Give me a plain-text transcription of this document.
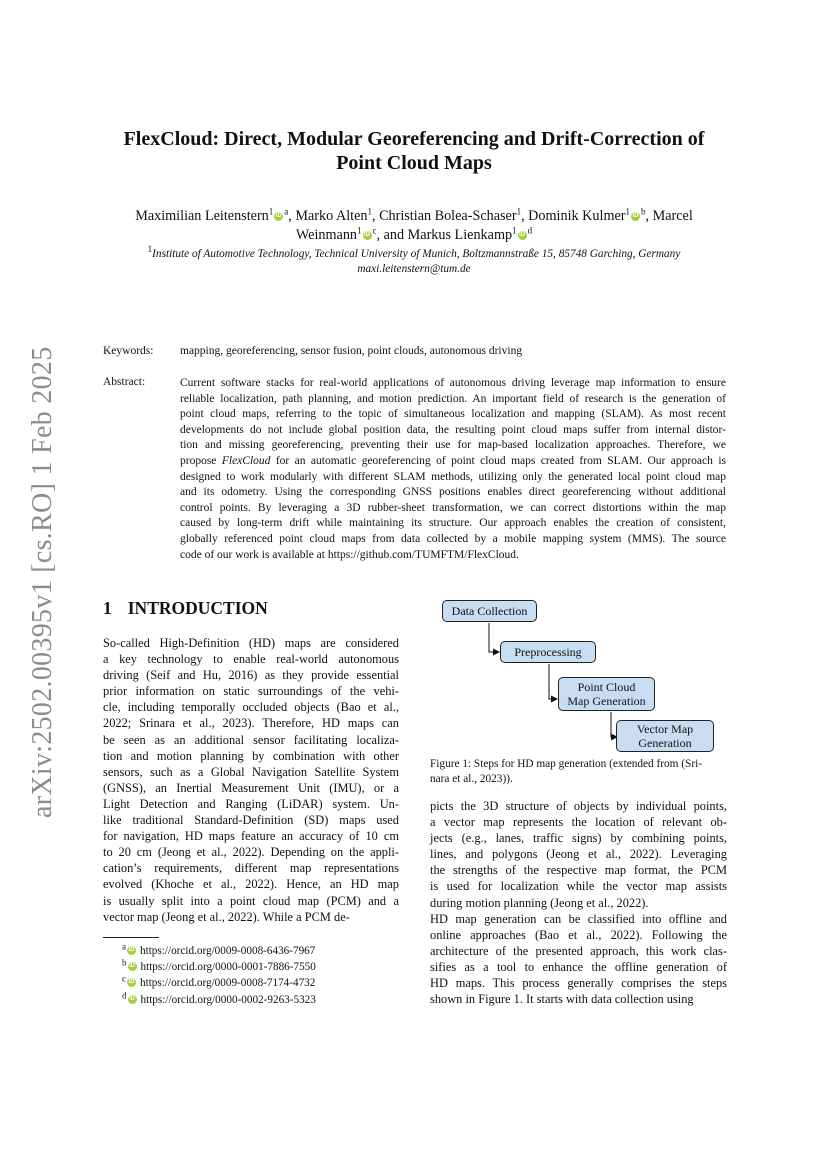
arXiv:2502.00395v1 [cs.RO] 1 Feb 2025
FlexCloud: Direct, Modular Georeferencing and Drift-Correction of
Point Cloud Maps
Maximilian Leitenstern$^1$ iD $^a$, Marko Alten$^1$, Christian Bolea-Schaser$^1$, Dominik Kulmer$^1$ iD $^b$, Marcel
Weinmann$^1$ iD $^c$, and Markus Lienkamp$^1$ iD $^d$
$^1$Institute of Automotive Technology, Technical University of Munich, Boltzmannstraße 15, 85748 Garching, Germany
maxi.leitenstern@tum.de
Keywords: mapping, georeferencing, sensor fusion, point clouds, autonomous driving
Abstract:	Current software stacks for real-world applications of autonomous driving leverage map information to ensure
reliable localization, path planning, and motion prediction. An important field of research is the generation of
point cloud maps, referring to the topic of simultaneous localization and mapping (SLAM). As most recent
developments do not include global position data, the resulting point cloud maps suffer from internal distor-
tion and missing georeferencing, preventing their use for map-based localization approaches. Therefore, we
propose FlexCloud for an automatic georeferencing of point cloud maps created from SLAM. Our approach is
designed to work modularly with different SLAM methods, utilizing only the generated local point cloud map
and its odometry. Using the corresponding GNSS positions enables direct georeferencing without additional
control points. By leveraging a 3D rubber-sheet transformation, we can correct distortions within the map
caused by long-term drift while maintaining its structure. Our approach enables the creation of consistent,
globally referenced point cloud maps from data collected by a mobile mapping system (MMS). The source
code of our work is available at https://github.com/TUMFTM/FlexCloud.
1 INTRODUCTION
So-called High-Definition (HD) maps are considered
a key technology to enable real-world autonomous
driving (Seif and Hu, 2016) as they provide essential
prior information on static surroundings of the vehi-
cle, including temporally occluded objects (Bao et al.,
2022; Srinara et al., 2023). Therefore, HD maps can
be seen as an additional sensor facilitating localiza-
tion and motion planning by combination with other
sensors, such as a Global Navigation Satellite System
(GNSS), an Inertial Measurement Unit (IMU), or a
Light Detection and Ranging (LiDAR) system. Un-
like traditional Standard-Definition (SD) maps used
for navigation, HD maps feature an accuracy of 10 cm
to 20 cm (Jeong et al., 2022). Depending on the appli-
cation’s requirements, different map representations
evolved (Khoche et al., 2022). Hence, an HD map
is usually split into a point cloud map (PCM) and a
vector map (Jeong et al., 2022). While a PCM de-
$^a$ iD https://orcid.org/0009-0008-6436-7967
$^b$ iD https://orcid.org/0000-0001-7886-7550
$^c$ iD https://orcid.org/0009-0008-7174-4732
$^d$ iD https://orcid.org/0000-0002-9263-5323
Data Collection
Preprocessing
Point Cloud
Map Generation
Vector Map
Generation
Figure 1: Steps for HD map generation (extended from (Sri-
nara et al., 2023)).
picts the 3D structure of objects by individual points,
a vector map represents the location of relevant ob-
jects (e.g., lanes, traffic signs) by combining points,
lines, and polygons (Jeong et al., 2022). Leveraging
the strengths of the respective map format, the PCM
is used for localization while the vector map assists
during motion planning (Jeong et al., 2022).
HD map generation can be classified into offline and
online approaches (Bao et al., 2022). Following the
architecture of the presented approach, this work clas-
sifies as a tool to enhance the offline generation of
HD maps. This process generally comprises the steps
shown in Figure 1. It starts with data collection using
